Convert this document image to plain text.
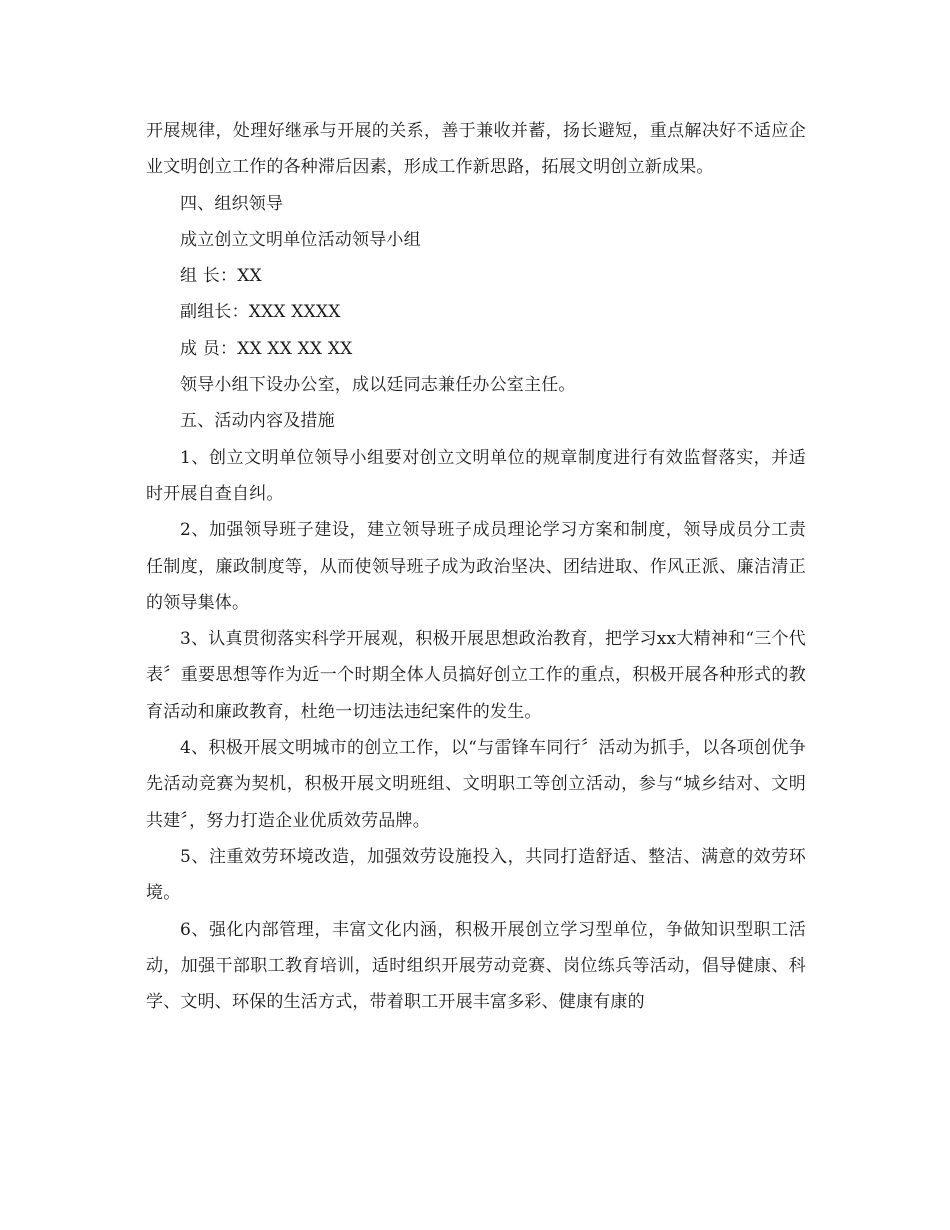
开展规律，处理好继承与开展的关系，善于兼收并蓄，扬长避短，重点解决好不适应企业文明创立工作的各种滞后因素，形成工作新思路，拓展文明创立新成果。

四、组织领导

成立创立文明单位活动领导小组

组 长：XX

副组长：XXX XXXX

成 员：XX XX XX XX

领导小组下设办公室，成以廷同志兼任办公室主任。

五、活动内容及措施

1、创立文明单位领导小组要对创立文明单位的规章制度进行有效监督落实，并适时开展自查自纠。

2、加强领导班子建设，建立领导班子成员理论学习方案和制度，领导成员分工责任制度，廉政制度等，从而使领导班子成为政治坚决、团结进取、作风正派、廉洁清正的领导集体。

3、认真贯彻落实科学开展观，积极开展思想政治教育，把学习xx大精神和“三个代表〞重要思想等作为近一个时期全体人员搞好创立工作的重点，积极开展各种形式的教育活动和廉政教育，杜绝一切违法违纪案件的发生。

4、积极开展文明城市的创立工作，以“与雷锋车同行〞活动为抓手，以各项创优争先活动竞赛为契机，积极开展文明班组、文明职工等创立活动，参与“城乡结对、文明共建〞，努力打造企业优质效劳品牌。

5、注重效劳环境改造，加强效劳设施投入，共同打造舒适、整洁、满意的效劳环境。

6、强化内部管理，丰富文化内涵，积极开展创立学习型单位，争做知识型职工活动，加强干部职工教育培训，适时组织开展劳动竞赛、岗位练兵等活动，倡导健康、科学、文明、环保的生活方式，带着职工开展丰富多彩、健康有康的
